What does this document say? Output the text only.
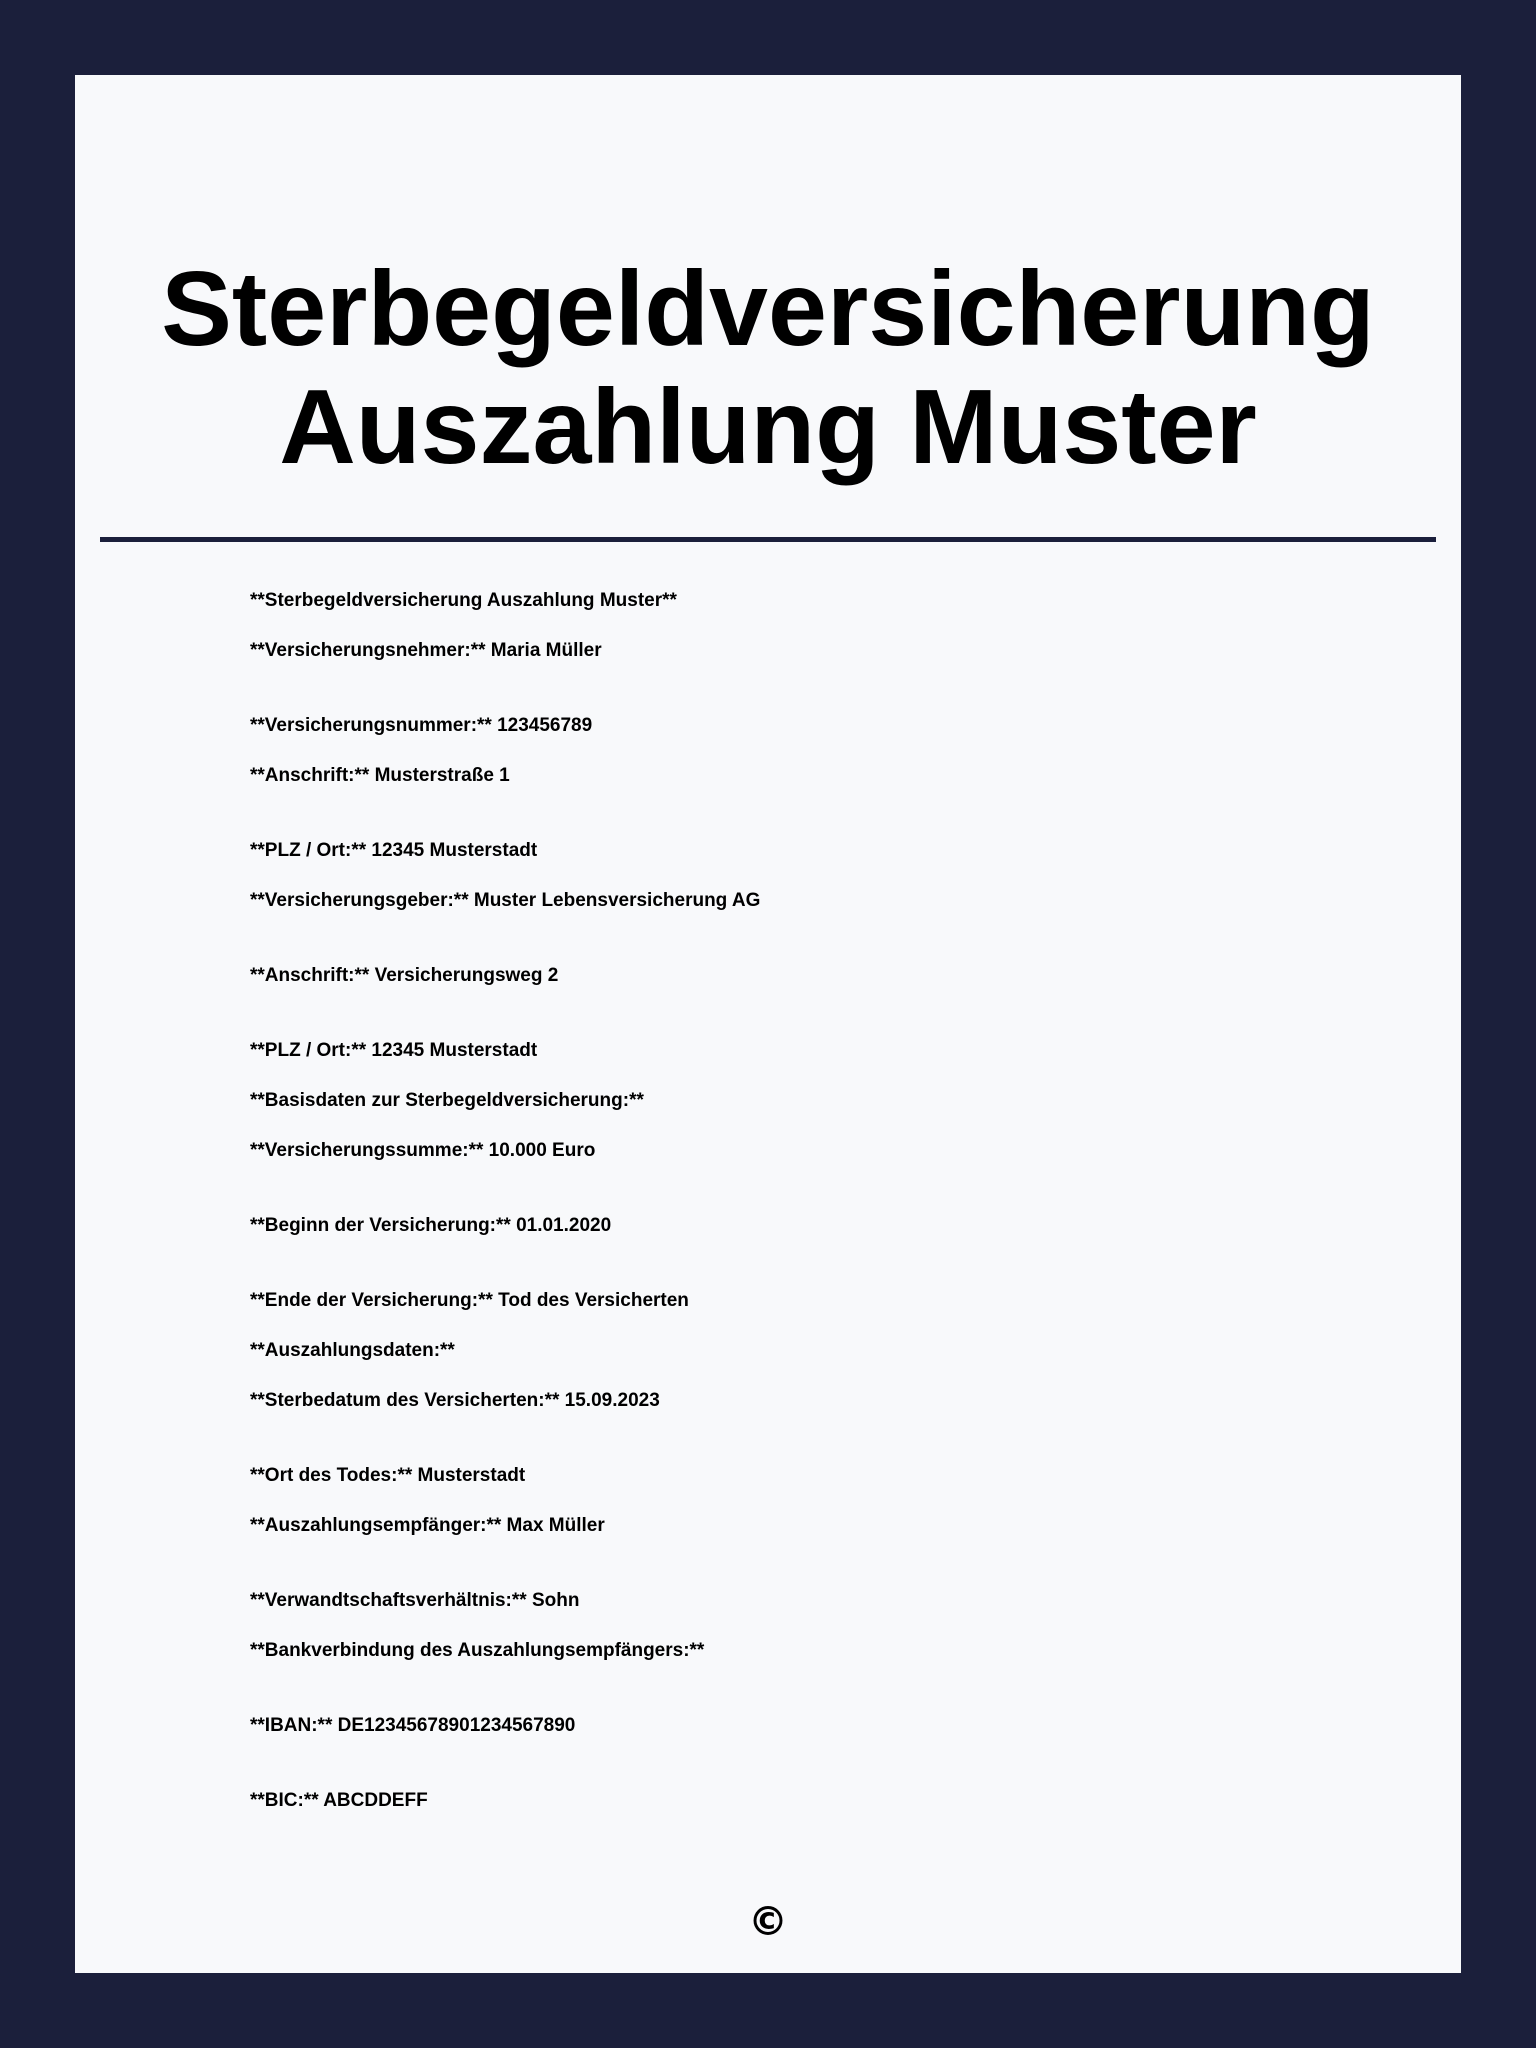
Sterbegeldversicherung
Auszahlung Muster
**Sterbegeldversicherung Auszahlung Muster**
**Versicherungsnehmer:** Maria Müller
**Versicherungsnummer:** 123456789
**Anschrift:** Musterstraße 1
**PLZ / Ort:** 12345 Musterstadt
**Versicherungsgeber:** Muster Lebensversicherung AG
**Anschrift:** Versicherungsweg 2
**PLZ / Ort:** 12345 Musterstadt
**Basisdaten zur Sterbegeldversicherung:**
**Versicherungssumme:** 10.000 Euro
**Beginn der Versicherung:** 01.01.2020
**Ende der Versicherung:** Tod des Versicherten
**Auszahlungsdaten:**
**Sterbedatum des Versicherten:** 15.09.2023
**Ort des Todes:** Musterstadt
**Auszahlungsempfänger:** Max Müller
**Verwandtschaftsverhältnis:** Sohn
**Bankverbindung des Auszahlungsempfängers:**
**IBAN:** DE12345678901234567890
**BIC:** ABCDDEFF
©
